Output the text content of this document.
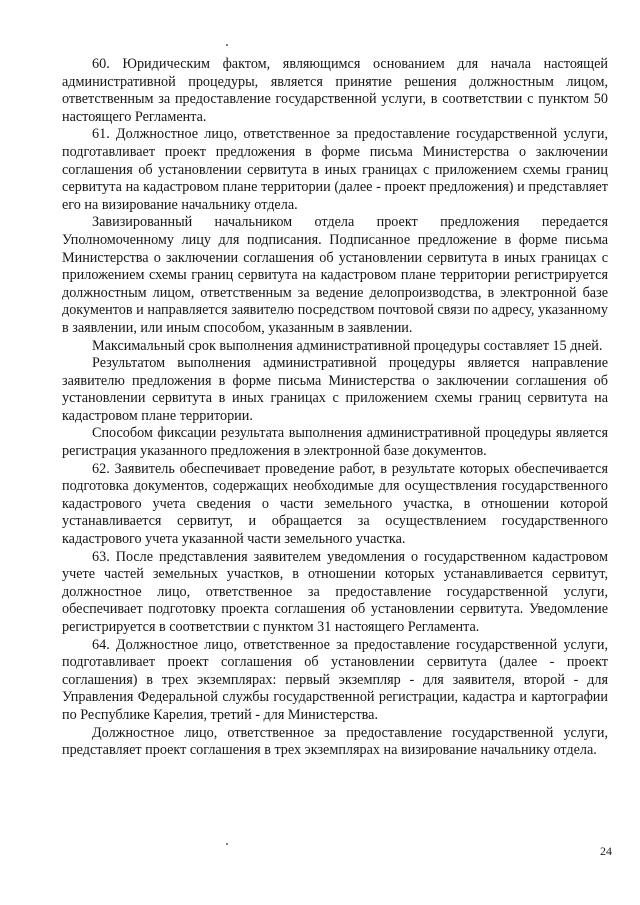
60. Юридическим фактом, являющимся основанием для начала настоящей административной процедуры, является принятие решения должностным лицом, ответственным за предоставление государственной услуги, в соответствии с пунктом 50 настоящего Регламента.

61. Должностное лицо, ответственное за предоставление государственной услуги, подготавливает проект предложения в форме письма Министерства о заключении соглашения об установлении сервитута в иных границах с приложением схемы границ сервитута на кадастровом плане территории (далее - проект предложения) и представляет его на визирование начальнику отдела.

Завизированный начальником отдела проект предложения передается Уполномоченному лицу для подписания. Подписанное предложение в форме письма Министерства о заключении соглашения об установлении сервитута в иных границах с приложением схемы границ сервитута на кадастровом плане территории регистрируется должностным лицом, ответственным за ведение делопроизводства, в электронной базе документов и направляется заявителю посредством почтовой связи по адресу, указанному в заявлении, или иным способом, указанным в заявлении.

Максимальный срок выполнения административной процедуры составляет 15 дней.

Результатом выполнения административной процедуры является направление заявителю предложения в форме письма Министерства о заключении соглашения об установлении сервитута в иных границах с приложением схемы границ сервитута на кадастровом плане территории.

Способом фиксации результата выполнения административной процедуры является регистрация указанного предложения в электронной базе документов.

62. Заявитель обеспечивает проведение работ, в результате которых обеспечивается подготовка документов, содержащих необходимые для осуществления государственного кадастрового учета сведения о части земельного участка, в отношении которой устанавливается сервитут, и обращается за осуществлением государственного кадастрового учета указанной части земельного участка.

63. После представления заявителем уведомления о государственном кадастровом учете частей земельных участков, в отношении которых устанавливается сервитут, должностное лицо, ответственное за предоставление государственной услуги, обеспечивает подготовку проекта соглашения об установлении сервитута. Уведомление регистрируется в соответствии с пунктом 31 настоящего Регламента.

64. Должностное лицо, ответственное за предоставление государственной услуги, подготавливает проект соглашения об установлении сервитута (далее - проект соглашения) в трех экземплярах: первый экземпляр - для заявителя, второй - для Управления Федеральной службы государственной регистрации, кадастра и картографии по Республике Карелия, третий - для Министерства.

Должностное лицо, ответственное за предоставление государственной услуги, представляет проект соглашения в трех экземплярах на визирование начальнику отдела.

24
